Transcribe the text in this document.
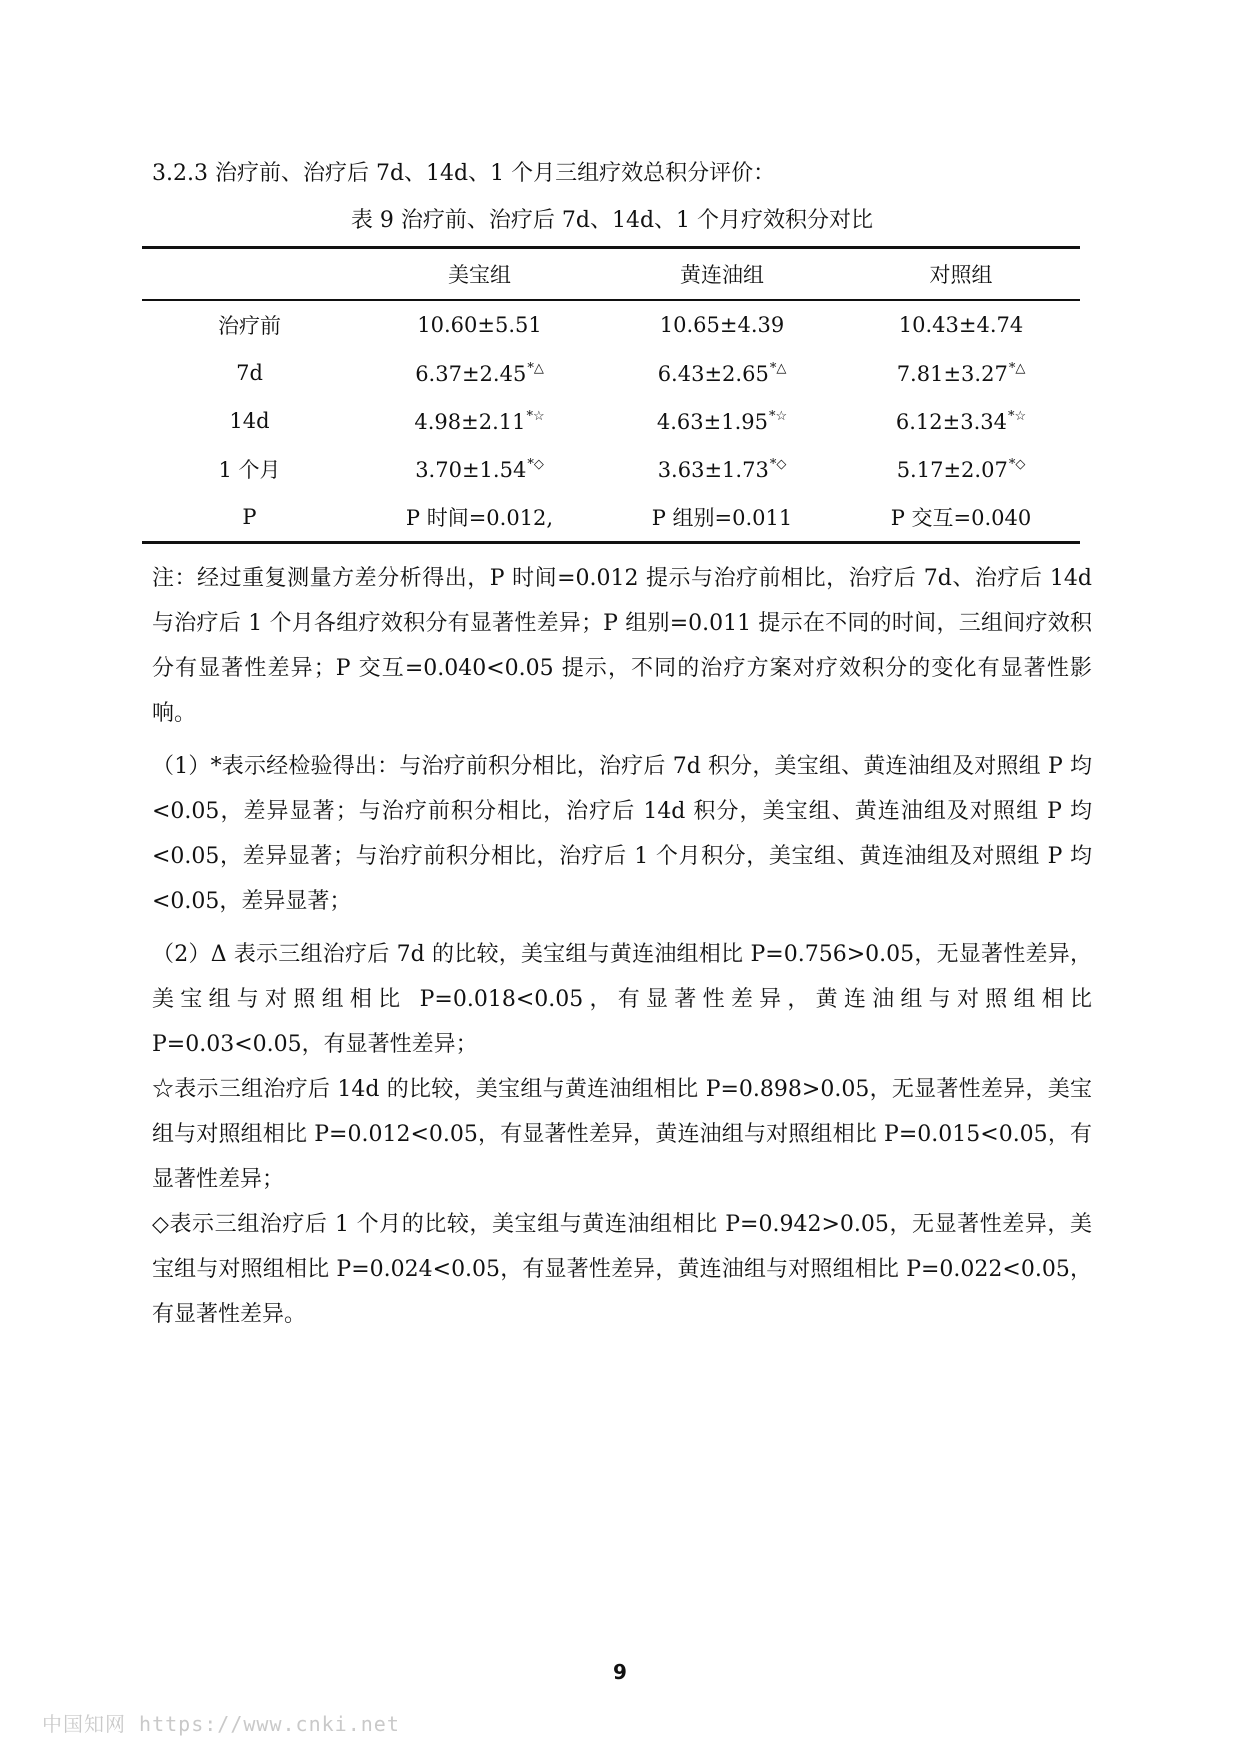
3.2.3 治疗前、治疗后 7d、14d、1 个月三组疗效总积分评价：
表 9 治疗前、治疗后 7d、14d、1 个月疗效积分对比
	美宝组	黄连油组	对照组
治疗前	10.60±5.51	10.65±4.39	10.43±4.74
7d	6.37±2.45*△	6.43±2.65*△	7.81±3.27*△
14d	4.98±2.11*☆	4.63±1.95*☆	6.12±3.34*☆
1 个月	3.70±1.54*◇	3.63±1.73*◇	5.17±2.07*◇
P	P 时间=0.012,	P 组别=0.011	P 交互=0.040

注：经过重复测量方差分析得出，P 时间=0.012 提示与治疗前相比，治疗后 7d、治疗后 14d 与治疗后 1 个月各组疗效积分有显著性差异；P 组别=0.011 提示在不同的时间，三组间疗效积分有显著性差异；P 交互=0.040<0.05 提示，不同的治疗方案对疗效积分的变化有显著性影响。

（1）*表示经检验得出：与治疗前积分相比，治疗后 7d 积分，美宝组、黄连油组及对照组 P 均<0.05，差异显著；与治疗前积分相比，治疗后 14d 积分，美宝组、黄连油组及对照组 P 均<0.05，差异显著；与治疗前积分相比，治疗后 1 个月积分，美宝组、黄连油组及对照组 P 均<0.05，差异显著；

（2）Δ 表示三组治疗后 7d 的比较，美宝组与黄连油组相比 P=0.756>0.05，无显著性差异，美宝组与对照组相比 P=0.018<0.05，有显著性差异，黄连油组与对照组相比 P=0.03<0.05，有显著性差异；

☆表示三组治疗后 14d 的比较，美宝组与黄连油组相比 P=0.898>0.05，无显著性差异，美宝组与对照组相比 P=0.012<0.05，有显著性差异，黄连油组与对照组相比 P=0.015<0.05，有显著性差异；

◇表示三组治疗后 1 个月的比较，美宝组与黄连油组相比 P=0.942>0.05，无显著性差异，美宝组与对照组相比 P=0.024<0.05，有显著性差异，黄连油组与对照组相比 P=0.022<0.05，有显著性差异。

9
中国知网 https://www.cnki.net
